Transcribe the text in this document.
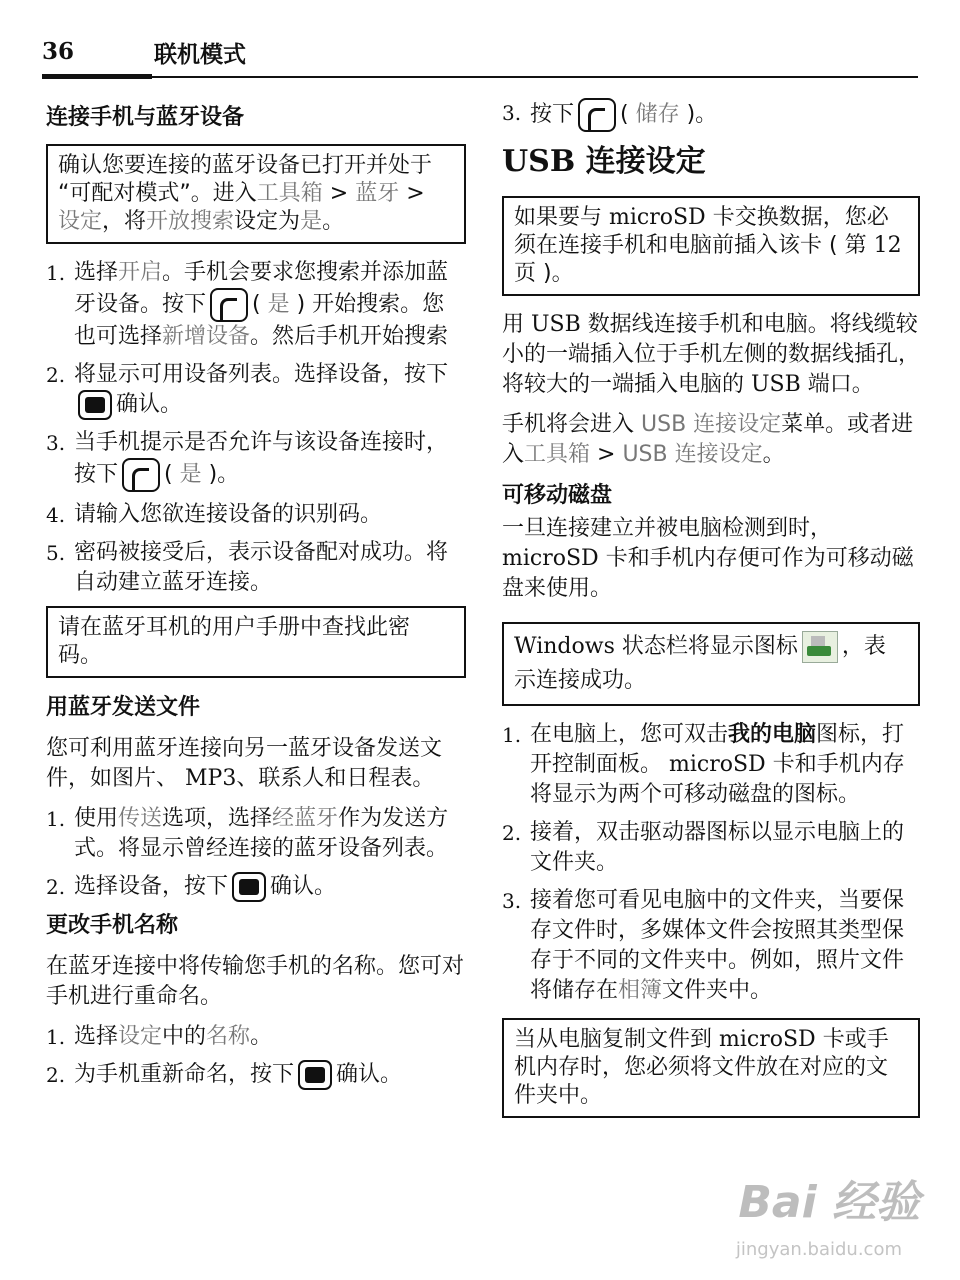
36	联机模式
连接手机与蓝牙设备
确认您要连接的蓝牙设备已打开并处于 “可配对模式”。进入工具箱 > 蓝牙 > 设定，将开放搜索设定为是。
1. 选择开启。手机会要求您搜索并添加蓝牙设备。按下 ( 是 ) 开始搜索。您也可选择新增设备。然后手机开始搜索
2. 将显示可用设备列表。选择设备，按下确认。
3. 当手机提示是否允许与该设备连接时，按下 ( 是 )。
4. 请输入您欲连接设备的识别码。
5. 密码被接受后，表示设备配对成功。将自动建立蓝牙连接。
请在蓝牙耳机的用户手册中查找此密码。
用蓝牙发送文件

您可利用蓝牙连接向另一蓝牙设备发送文件，如图片、 MP3、联系人和日程表。

1. 使用传送选项，选择经蓝牙作为发送方式。将显示曾经连接的蓝牙设备列表。
2. 选择设备，按下 确认。
更改手机名称

在蓝牙连接中将传输您手机的名称。您可对手机进行重命名。

1. 选择设定中的名称。
2. 为手机重新命名，按下 确认。
3. 按下 ( 储存 )。
USB 连接设定
如果要与 microSD 卡交换数据，您必须在连接手机和电脑前插入该卡 ( 第 12 页 )。

用 USB 数据线连接手机和电脑。将线缆较小的一端插入位于手机左侧的数据线插孔，将较大的一端插入电脑的 USB 端口。

手机将会进入 USB 连接设定菜单。或者进入工具箱 > USB 连接设定。

可移动磁盘

一旦连接建立并被电脑检测到时，microSD 卡和手机内存便可作为可移动磁盘来使用。

Windows 状态栏将显示图标 ，表示连接成功。
1. 在电脑上，您可双击我的电脑图标，打开控制面板。 microSD 卡和手机内存将显示为两个可移动磁盘的图标。
2. 接着，双击驱动器图标以显示电脑上的文件夹。
3. 接着您可看见电脑中的文件夹，当要保存文件时，多媒体文件会按照其类型保存于不同的文件夹中。例如，照片文件将储存在相簿文件夹中。
当从电脑复制文件到 microSD 卡或手机内存时，您必须将文件放在对应的文件夹中。
Bai 经验
jingyan.baidu.com
